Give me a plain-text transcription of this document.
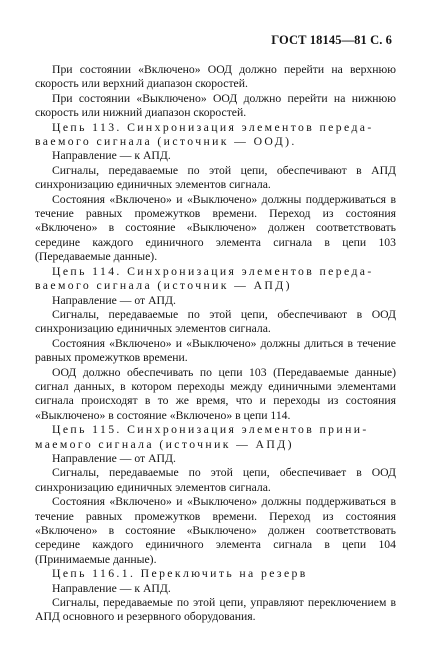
ГОСТ 18145—81 С. 6

При состоянии «Включено» ООД должно перейти на верхнюю скорость или верхний диапазон скоростей.

При состоянии «Выключено» ООД должно перейти на нижнюю скорость или нижний диапазон скоростей.

Цепь 113. Синхронизация элементов переда-
ваемого сигнала (источник — ООД).

Направление — к АПД.

Сигналы, передаваемые по этой цепи, обеспечивают в АПД синхронизацию единичных элементов сигнала.

Состояния «Включено» и «Выключено» должны поддерживаться в течение равных промежутков времени. Переход из состояния «Включено» в состояние «Выключено» должен соответствовать середине каждого единичного элемента сигнала в цепи 103 (Передаваемые данные).

Цепь 114. Синхронизация элементов переда-
ваемого сигнала (источник — АПД)

Направление — от АПД.

Сигналы, передаваемые по этой цепи, обеспечивают в ООД синхронизацию единичных элементов сигнала.

Состояния «Включено» и «Выключено» должны длиться в течение равных промежутков времени.

ООД должно обеспечивать по цепи 103 (Передаваемые данные) сигнал данных, в котором переходы между единичными элементами сигнала происходят в то же время, что и переходы из состояния «Выключено» в состояние «Включено» в цепи 114.

Цепь 115. Синхронизация элементов прини-
маемого сигнала (источник — АПД)

Направление — от АПД.

Сигналы, передаваемые по этой цепи, обеспечивает в ООД синхронизацию единичных элементов сигнала.

Состояния «Включено» и «Выключено» должны поддерживаться в течение равных промежутков времени. Переход из состояния «Включено» в состояние «Выключено» должен соответствовать середине каждого единичного элемента сигнала в цепи 104 (Принимаемые данные).

Цепь 116.1. Переключить на резерв

Направление — к АПД.

Сигналы, передаваемые по этой цепи, управляют переключением в АПД основного и резервного оборудования.
